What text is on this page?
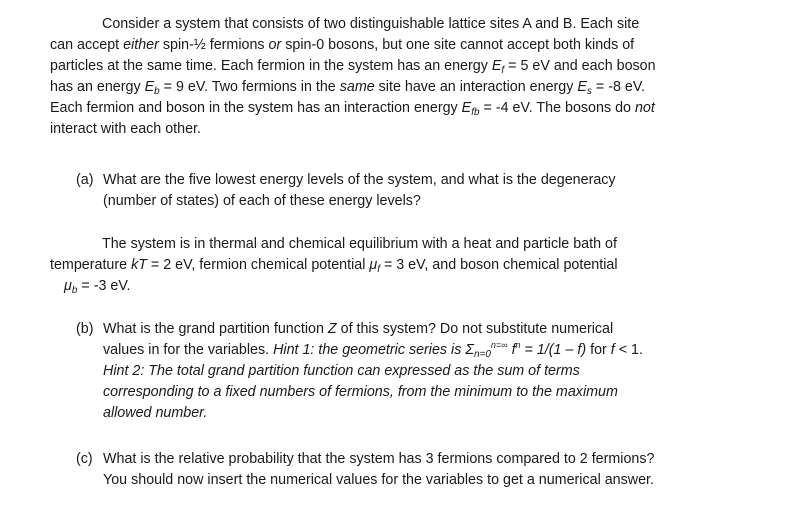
Consider a system that consists of two distinguishable lattice sites A and B. Each site
can accept either spin-½ fermions or spin-0 bosons, but one site cannot accept both kinds of
particles at the same time. Each fermion in the system has an energy $E_f = 5$ eV and each boson
has an energy $E_b = 9$ eV. Two fermions in the same site have an interaction energy $E_s = -8$ eV.
Each fermion and boson in the system has an interaction energy $E_{fb} = -4$ eV. The bosons do not
interact with each other.

(a) What are the five lowest energy levels of the system, and what is the degeneracy
(number of states) of each of these energy levels?

The system is in thermal and chemical equilibrium with a heat and particle bath of
temperature kT = 2 eV, fermion chemical potential $\mu_f = 3$ eV, and boson chemical potential
$\mu_b = -3$ eV.

(b) What is the grand partition function Z of this system? Do not substitute numerical
values in for the variables. Hint 1: the geometric series is $\Sigma_{n=0}^{n=\infty}$ $f^n = 1/(1 - f)$ for f < 1.
Hint 2: The total grand partition function can expressed as the sum of terms
corresponding to a fixed numbers of fermions, from the minimum to the maximum
allowed number.
(c) What is the relative probability that the system has 3 fermions compared to 2 fermions?
You should now insert the numerical values for the variables to get a numerical answer.
